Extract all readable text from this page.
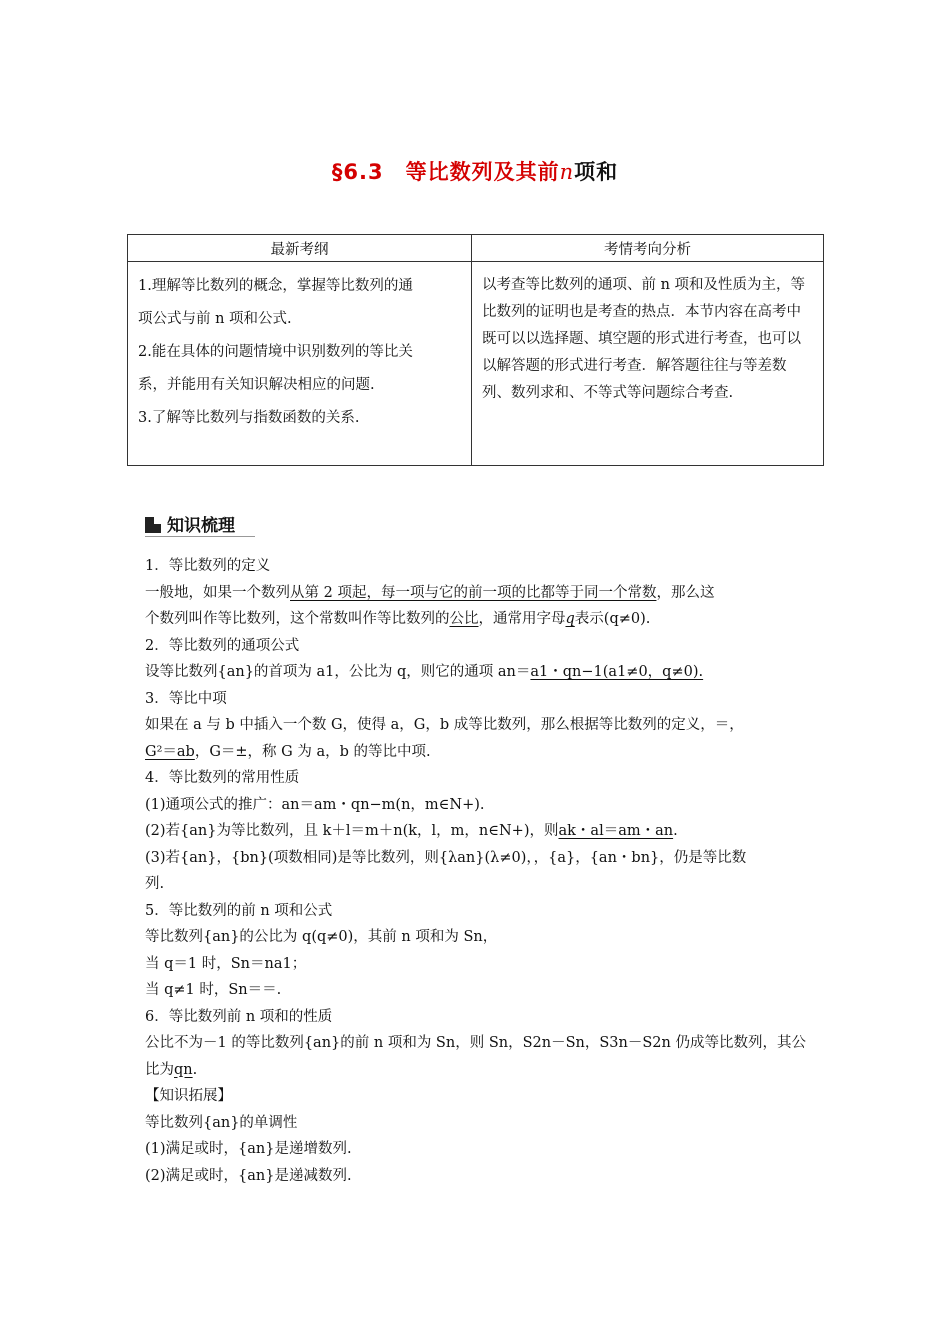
§6.3　等比数列及其前n项和
最新考纲	考情考向分析

1.理解等比数列的概念，掌握等比数列的通
项公式与前 n 项和公式.
2.能在具体的问题情境中识别数列的等比关
系，并能用有关知识解决相应的问题.
3.了解等比数列与指数函数的关系.	以考查等比数列的通项、前 n 项和及性质为主，等比数列的证明也是考查的热点．本节内容在高考中既可以以选择题、填空题的形式进行考查，也可以以解答题的形式进行考查．解答题往往与等差数列、数列求和、不等式等问题综合考查.
知识梳理
1．等比数列的定义
一般地，如果一个数列从第 2 项起，每一项与它的前一项的比都等于同一个常数，那么这
个数列叫作等比数列，这个常数叫作等比数列的公比，通常用字母q表示(q≠0).
2．等比数列的通项公式
设等比数列{an}的首项为 a1，公比为 q，则它的通项 an＝a1・qn−1(a1≠0，q≠0).
3．等比中项
如果在 a 与 b 中插入一个数 G，使得 a，G，b 成等比数列，那么根据等比数列的定义，＝，
G²＝ab，G＝±，称 G 为 a，b 的等比中项.
4．等比数列的常用性质
(1)通项公式的推广：an＝am・qn−m(n，m∈N+).
(2)若{an}为等比数列，且 k＋l＝m＋n(k，l，m，n∈N+)，则ak・al＝am・an.
(3)若{an}，{bn}(项数相同)是等比数列，则{λan}(λ≠0)，，{a}，{an・bn}，仍是等比数
列.
5．等比数列的前 n 项和公式
等比数列{an}的公比为 q(q≠0)，其前 n 项和为 Sn，
当 q＝1 时，Sn＝na1；
当 q≠1 时，Sn＝＝.
6．等比数列前 n 项和的性质
公比不为－1 的等比数列{an}的前 n 项和为 Sn，则 Sn，S2n－Sn，S3n－S2n 仍成等比数列，其公
比为qn.
【知识拓展】
等比数列{an}的单调性
(1)满足或时，{an}是递增数列.
(2)满足或时，{an}是递减数列.
